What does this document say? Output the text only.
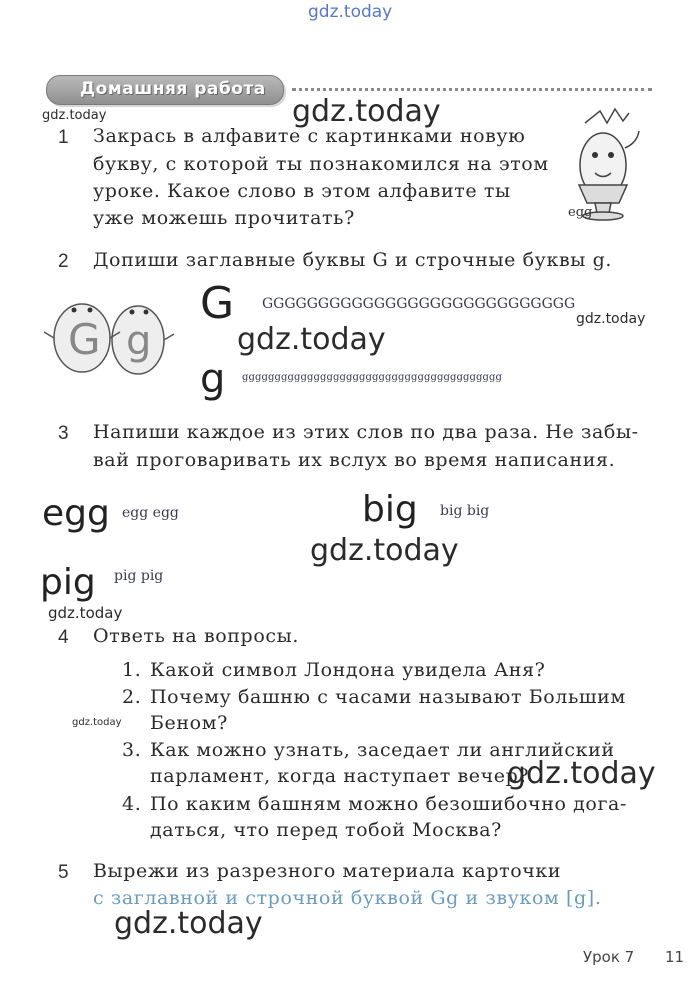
gdz.today
Домашняя работа
gdz.today
gdz.today
gdz.today
gdz.today
gdz.today
gdz.today
gdz.today
gdz.today
gdz.today
1 Закрась в алфавите с картинками новую
букву, с которой ты познакомился на этом
уроке. Какое слово в этом алфавите ты
уже можешь прочитать?	egg
2 Допиши заглавные буквы G и строчные буквы g.
G g
G GGGGGGGGGGGGGGGGGGGGGGGGGGGG
g gggggggggggggggggggggggggggggggggggggggg
3 Напиши каждое из этих слов по два раза. Не забы-
вай проговаривать их вслух во время написания.
egg egg egg	big big big
pig pig pig
4 Ответь на вопросы.
1. Какой символ Лондона увидела Аня?
2. Почему башню с часами называют Большим
Беном?
3. Как можно узнать, заседает ли английский
парламент, когда наступает вечер?
4. По каким башням можно безошибочно дога-
даться, что перед тобой Москва?
5 Вырежи из разрезного материала карточки
с заглавной и строчной буквой Gg и звуком [g].
Урок 7 11
